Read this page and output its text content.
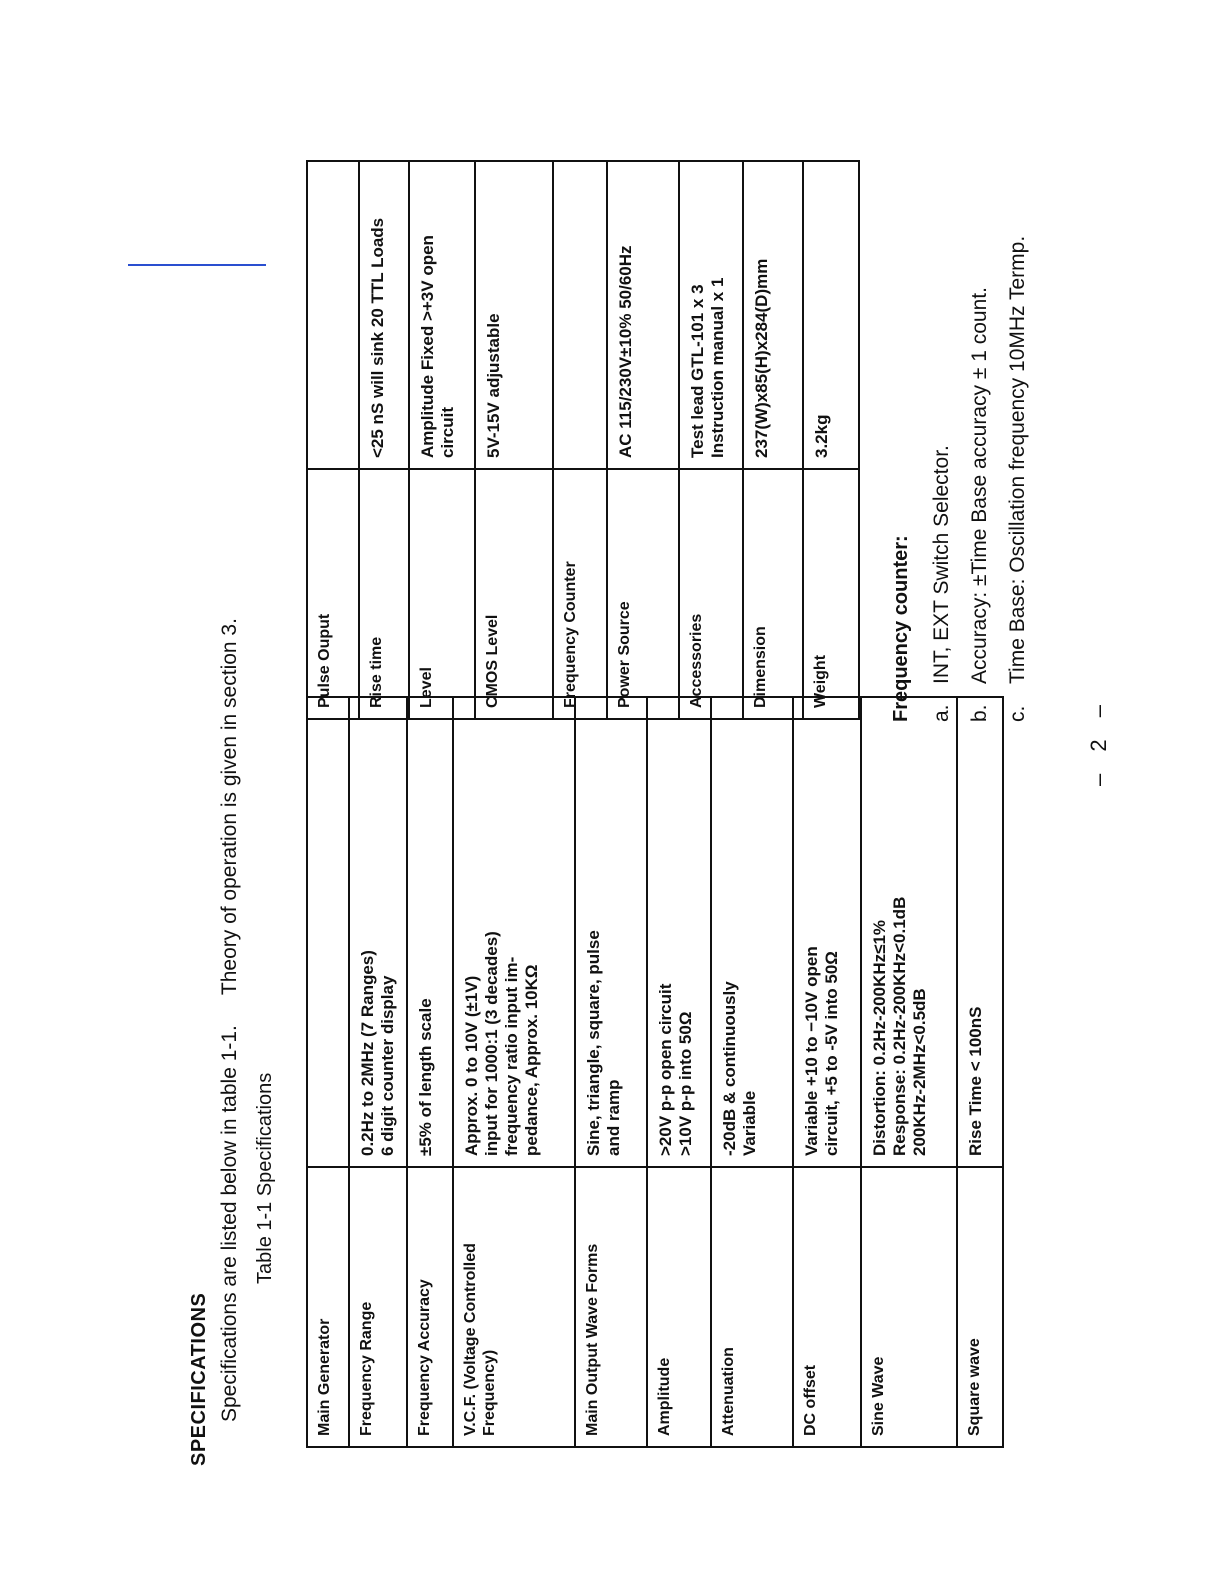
SPECIFICATIONS Specifications are listed below in table 1-1.Theory of operation is given in section 3.
Table 1-1 Specifications
Main Generator	
Frequency Range	0.2Hz to 2MHz (7 Ranges)
6 digit counter display
Frequency Accuracy	±5% of length scale
V.C.F. (Voltage Controlled
Frequency)	Approx. 0 to 10V (±1V)
input for 1000:1 (3 decades)
frequency ratio input im-
pedance, Approx. 10KΩ
Main Output Wave Forms	Sine, triangle, square, pulse
and ramp
Amplitude	>20V p-p open circuit
>10V p-p into 50Ω
Attenuation	-20dB & continuously
Variable
DC offset	Variable +10 to −10V open
circuit, +5 to -5V into 50Ω
Sine Wave	Distortion: 0.2Hz-200KHz≤1%
Response: 0.2Hz-200KHz<0.1dB
200KHz-2MHz<0.5dB
Square wave	Rise Time < 100nS
Pulse Ouput	
Rise time	<25 nS will sink 20 TTL Loads
Level	Amplitude Fixed >+3V open
circuit
CMOS Level	5V-15V adjustable
Frequency Counter	
Power Source	AC 115/230V±10% 50/60Hz
Accessories	Test lead GTL-101 x 3
Instruction manual x 1
Dimension	237(W)x85(H)x284(D)mm
Weight	3.2kg
Frequency counter: a.INT, EXT Switch Selector.
b.Accuracy: ±Time Base accuracy ± 1 count.
c.Time Base: Oscillation frequency 10MHz Termp.
– 2 –
